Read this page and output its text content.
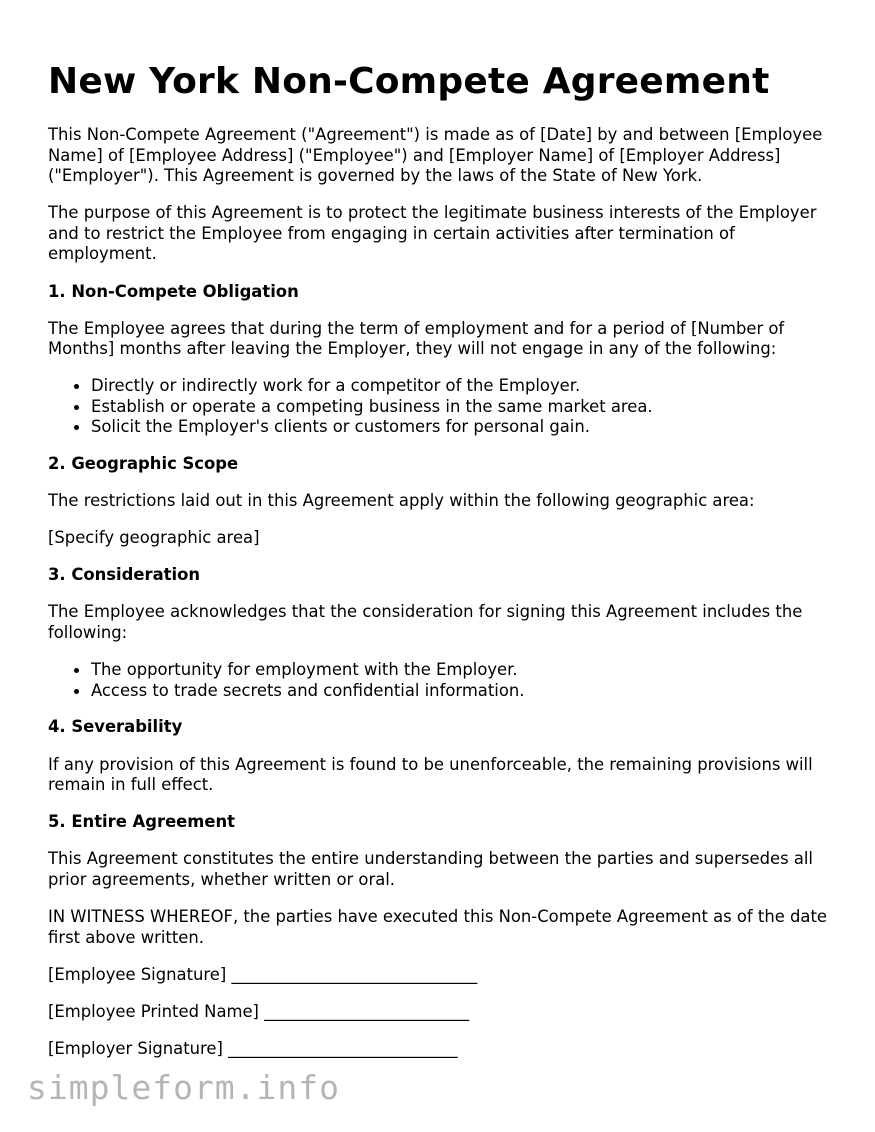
New York Non-Compete Agreement

This Non-Compete Agreement ("Agreement") is made as of [Date] by and between [Employee Name] of [Employee Address] ("Employee") and [Employer Name] of [Employer Address] ("Employer"). This Agreement is governed by the laws of the State of New York.

The purpose of this Agreement is to protect the legitimate business interests of the Employer and to restrict the Employee from engaging in certain activities after termination of employment.

1. Non-Compete Obligation

The Employee agrees that during the term of employment and for a period of [Number of Months] months after leaving the Employer, they will not engage in any of the following:

Directly or indirectly work for a competitor of the Employer.
Establish or operate a competing business in the same market area.
Solicit the Employer's clients or customers for personal gain.
2. Geographic Scope

The restrictions laid out in this Agreement apply within the following geographic area:

[Specify geographic area]

3. Consideration

The Employee acknowledges that the consideration for signing this Agreement includes the following:

The opportunity for employment with the Employer.
Access to trade secrets and confidential information.
4. Severability

If any provision of this Agreement is found to be unenforceable, the remaining provisions will remain in full effect.

5. Entire Agreement

This Agreement constitutes the entire understanding between the parties and supersedes all prior agreements, whether written or oral.

IN WITNESS WHEREOF, the parties have executed this Non-Compete Agreement as of the date first above written.

[Employee Signature] ______________________________

[Employee Printed Name] _________________________

[Employer Signature] ____________________________

simpleform.info
